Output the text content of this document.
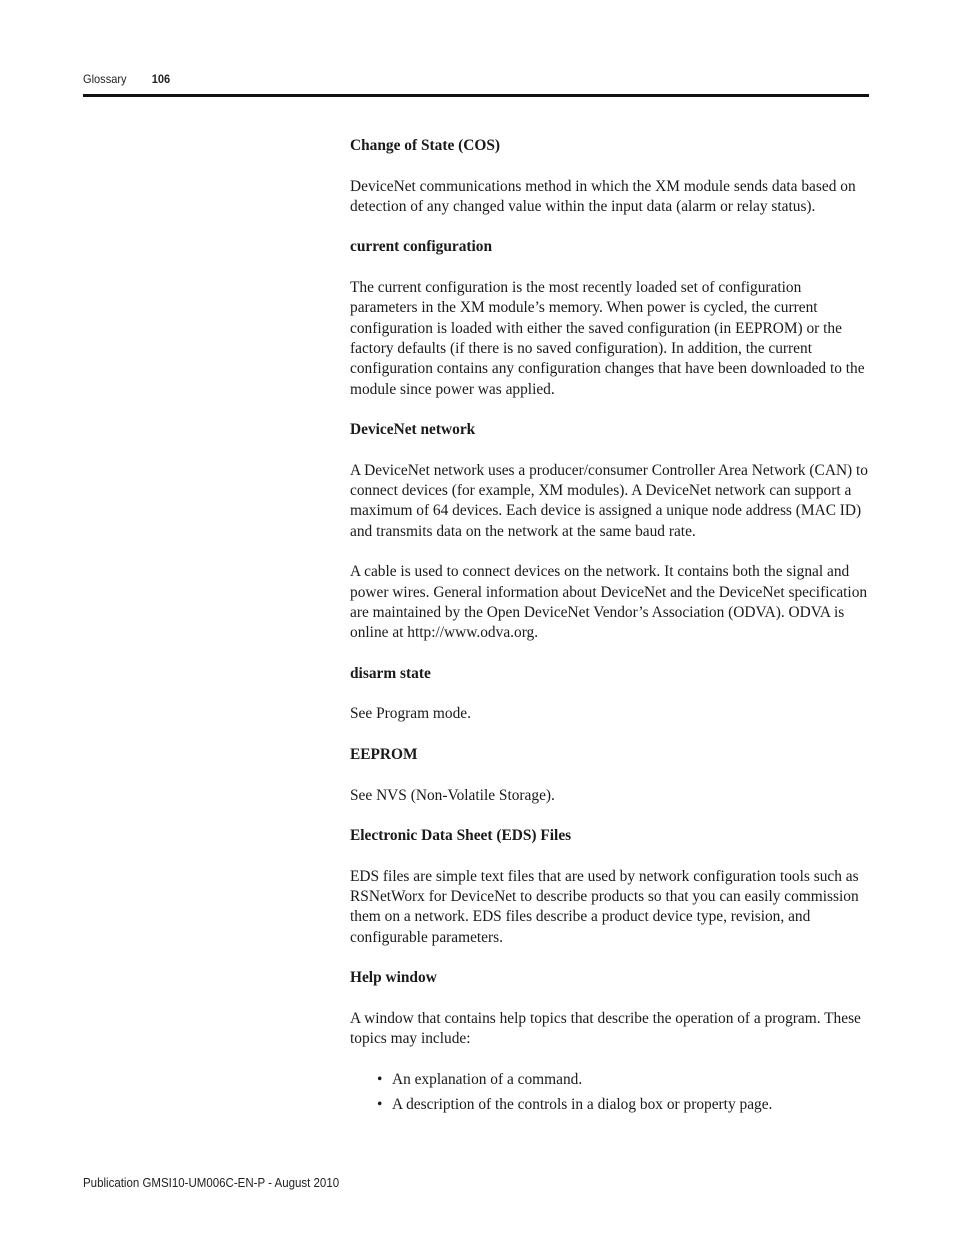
Glossary 106
Change of State (COS)
DeviceNet communications method in which the XM module sends data based on detection of any changed value within the input data (alarm or relay status).
current configuration
The current configuration is the most recently loaded set of configuration parameters in the XM module’s memory. When power is cycled, the current configuration is loaded with either the saved configuration (in EEPROM) or the factory defaults (if there is no saved configuration). In addition, the current configuration contains any configuration changes that have been downloaded to the module since power was applied.
DeviceNet network
A DeviceNet network uses a producer/consumer Controller Area Network (CAN) to connect devices (for example, XM modules). A DeviceNet network can support a maximum of 64 devices. Each device is assigned a unique node address (MAC ID) and transmits data on the network at the same baud rate.
A cable is used to connect devices on the network. It contains both the signal and power wires. General information about DeviceNet and the DeviceNet specification are maintained by the Open DeviceNet Vendor’s Association (ODVA). ODVA is online at http://www.odva.org.
disarm state
See Program mode.
EEPROM
See NVS (Non-Volatile Storage).
Electronic Data Sheet (EDS) Files
EDS files are simple text files that are used by network configuration tools such as RSNetWorx for DeviceNet to describe products so that you can easily commission them on a network. EDS files describe a product device type, revision, and configurable parameters.
Help window
A window that contains help topics that describe the operation of a program. These topics may include:
• An explanation of a command.
• A description of the controls in a dialog box or property page.
Publication GMSI10-UM006C-EN-P - August 2010
